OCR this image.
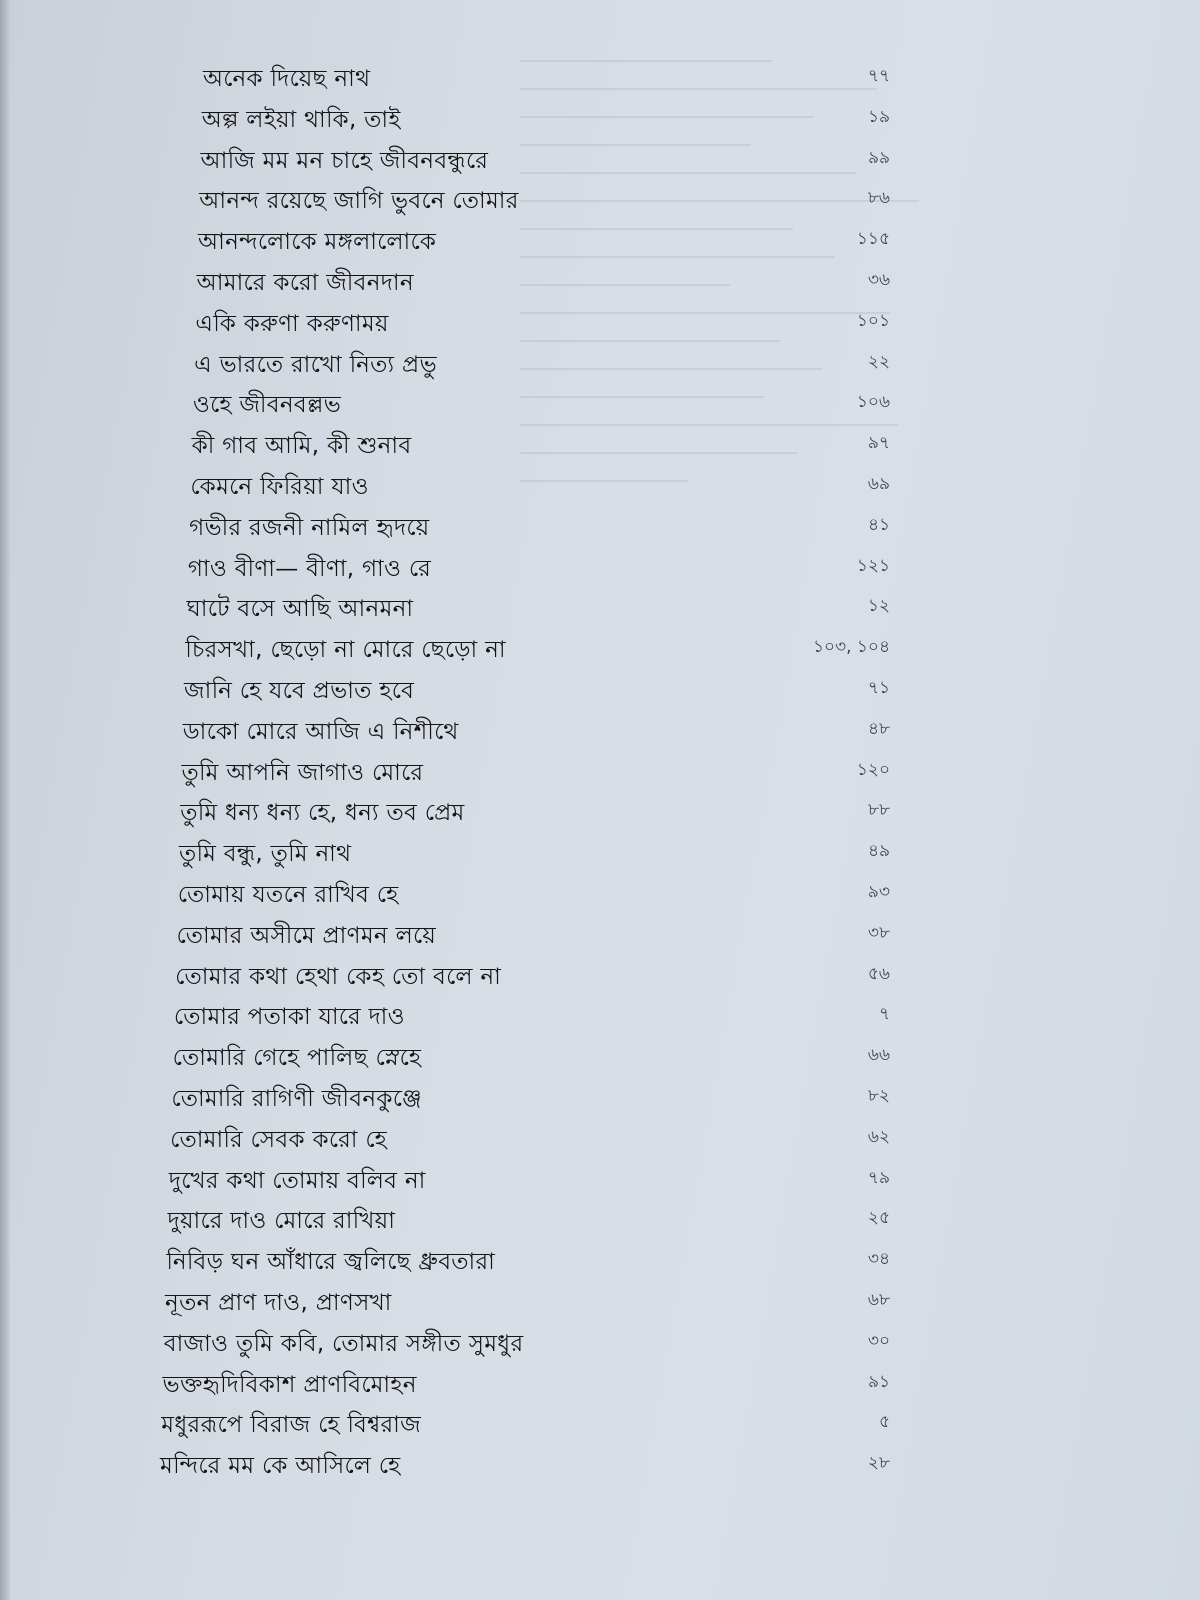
অনেক দিয়েছ নাথ	৭৭
অল্প লইয়া থাকি, তাই	১৯
আজি মম মন চাহে জীবনবন্ধুরে	৯৯
আনন্দ রয়েছে জাগি ভুবনে তোমার	৮৬
আনন্দলোকে মঙ্গলালোকে	১১৫
আমারে করো জীবনদান	৩৬
একি করুণা করুণাময়	১০১
এ ভারতে রাখো নিত্য প্রভু	২২
ওহে জীবনবল্লভ	১০৬
কী গাব আমি, কী শুনাব	৯৭
কেমনে ফিরিয়া যাও	৬৯
গভীর রজনী নামিল হৃদয়ে	৪১
গাও বীণা— বীণা, গাও রে	১২১
ঘাটে বসে আছি আনমনা	১২
চিরসখা, ছেড়ো না মোরে ছেড়ো না	১০৩, ১০৪
জানি হে যবে প্রভাত হবে	৭১
ডাকো মোরে আজি এ নিশীথে	৪৮
তুমি আপনি জাগাও মোরে	১২০
তুমি ধন্য ধন্য হে, ধন্য তব প্রেম	৮৮
তুমি বন্ধু, তুমি নাথ	৪৯
তোমায় যতনে রাখিব হে	৯৩
তোমার অসীমে প্রাণমন লয়ে	৩৮
তোমার কথা হেথা কেহ তো বলে না	৫৬
তোমার পতাকা যারে দাও	৭
তোমারি গেহে পালিছ স্নেহে	৬৬
তোমারি রাগিণী জীবনকুঞ্জে	৮২
তোমারি সেবক করো হে	৬২
দুখের কথা তোমায় বলিব না	৭৯
দুয়ারে দাও মোরে রাখিয়া	২৫
নিবিড় ঘন আঁধারে জ্বলিছে ধ্রুবতারা	৩৪
নূতন প্রাণ দাও, প্রাণসখা	৬৮
বাজাও তুমি কবি, তোমার সঙ্গীত সুমধুর	৩০
ভক্তহৃদিবিকাশ প্রাণবিমোহন	৯১
মধুররূপে বিরাজ হে বিশ্বরাজ	৫
মন্দিরে মম কে আসিলে হে	২৮
